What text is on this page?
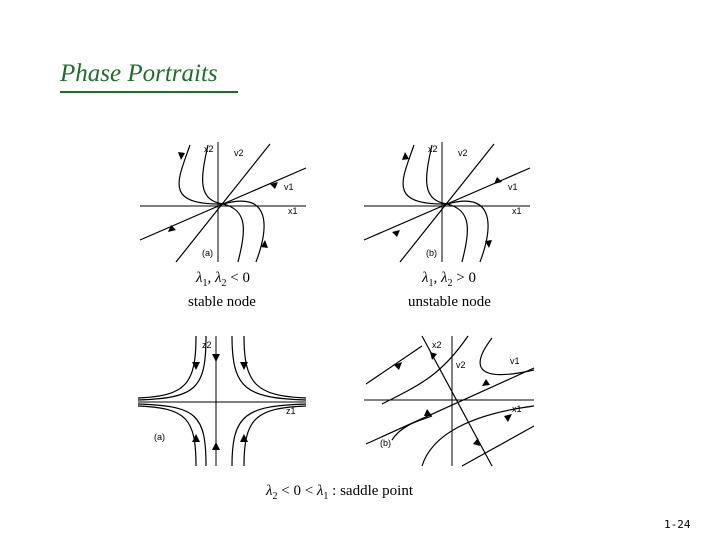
Phase Portraits
x2 v2
v1
x1
(a)
$\lambda_1$, $\lambda_2 < 0$
stable node
x2 v2
v1
x1
(b)
$\lambda_1$, $\lambda_2 > 0$
unstable node
z2
z1
(a)
x2
v2	v1
x1
(b)
$\lambda_2 < 0 < \lambda_1$ : saddle point
1-24
